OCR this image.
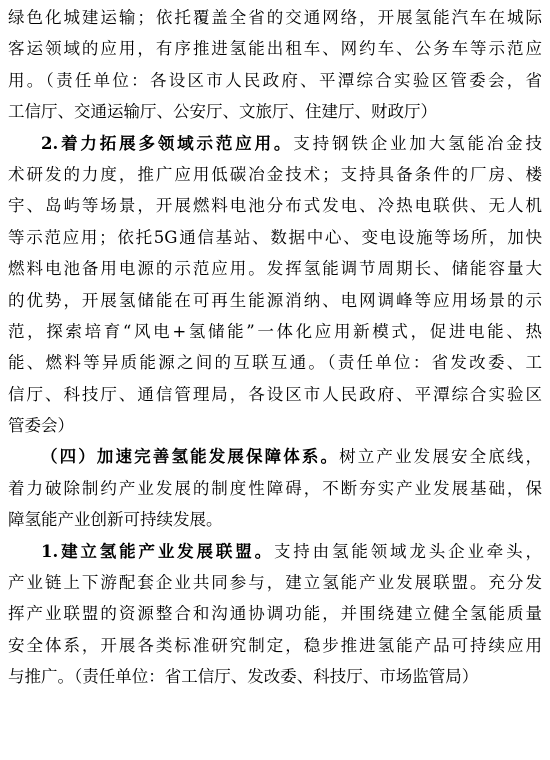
绿色化城建运输；依托覆盖全省的交通网络，开展氢能汽车在城际
客运领域的应用，有序推进氢能出租车、网约车、公务车等示范应
用。（责任单位：各设区市人民政府、平潭综合实验区管委会，省
工信厅、交通运输厅、公安厅、文旅厅、住建厅、财政厅）
2.着力拓展多领域示范应用。支持钢铁企业加大氢能冶金技
术研发的力度，推广应用低碳冶金技术；支持具备条件的厂房、楼
宇、岛屿等场景，开展燃料电池分布式发电、冷热电联供、无人机
等示范应用；依托5G通信基站、数据中心、变电设施等场所，加快
燃料电池备用电源的示范应用。发挥氢能调节周期长、储能容量大
的优势，开展氢储能在可再生能源消纳、电网调峰等应用场景的示
范，探索培育“风电+氢储能”一体化应用新模式，促进电能、热
能、燃料等异质能源之间的互联互通。（责任单位：省发改委、工
信厅、科技厅、通信管理局，各设区市人民政府、平潭综合实验区
管委会）
（四）加速完善氢能发展保障体系。树立产业发展安全底线，
着力破除制约产业发展的制度性障碍，不断夯实产业发展基础，保
障氢能产业创新可持续发展。
1.建立氢能产业发展联盟。支持由氢能领域龙头企业牵头，
产业链上下游配套企业共同参与，建立氢能产业发展联盟。充分发
挥产业联盟的资源整合和沟通协调功能，并围绕建立健全氢能质量
安全体系，开展各类标准研究制定，稳步推进氢能产品可持续应用
与推广。（责任单位：省工信厅、发改委、科技厅、市场监管局）
